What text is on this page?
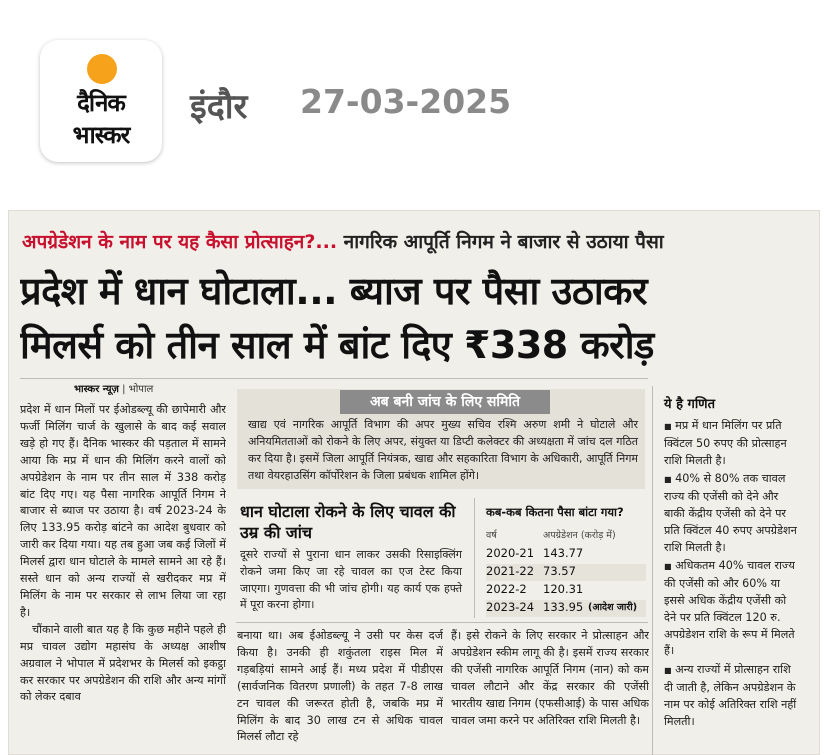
दैनिक
भास्कर
इंदौर 27-03-2025
अपग्रेडेशन के नाम पर यह कैसा प्रोत्साहन?... नागरिक आपूर्ति निगम ने बाजार से उठाया पैसा
प्रदेश में धान घोटाला... ब्याज पर पैसा उठाकर
मिलर्स को तीन साल में बांट दिए ₹338 करोड़
भास्कर न्यूज़ | भोपाल

प्रदेश में धान मिलों पर ईओडब्ल्यू की छापेमारी और फर्जी मिलिंग चार्ज के खुलासे के बाद कई सवाल खड़े हो गए हैं। दैनिक भास्कर की पड़ताल में सामने आया कि मप्र में धान की मिलिंग करने वालों को अपग्रेडेशन के नाम पर तीन साल में 338 करोड़ बांट दिए गए। यह पैसा नागरिक आपूर्ति निगम ने बाजार से ब्याज पर उठाया है। वर्ष 2023-24 के लिए 133.95 करोड़ बांटने का आदेश बुधवार को जारी कर दिया गया। यह तब हुआ जब कई जिलों में मिलर्स द्वारा धान घोटाले के मामले सामने आ रहे हैं। सस्ते धान को अन्य राज्यों से खरीदकर मप्र में मिलिंग के नाम पर सरकार से लाभ लिया जा रहा है।

चौंकाने वाली बात यह है कि कुछ महीने पहले ही मप्र चावल उद्योग महासंघ के अध्यक्ष आशीष अग्रवाल ने भोपाल में प्रदेशभर के मिलर्स को इकट्ठा कर सरकार पर अपग्रेडेशन की राशि और अन्य मांगों को लेकर दबाव

अब बनी जांच के लिए समिति
खाद्य एवं नागरिक आपूर्ति विभाग की अपर मुख्य सचिव रश्मि अरुण शमी ने घोटाले और अनियमितताओं को रोकने के लिए अपर, संयुक्त या डिप्टी कलेक्टर की अध्यक्षता में जांच दल गठित कर दिया है। इसमें जिला आपूर्ति नियंत्रक, खाद्य और सहकारिता विभाग के अधिकारी, आपूर्ति निगम तथा वेयरहाउसिंग कॉर्पोरेशन के जिला प्रबंधक शामिल होंगे।
धान घोटाला रोकने के लिए चावल की उम्र की जांच
दूसरे राज्यों से पुराना धान लाकर उसकी रिसाइक्लिंग रोकने जमा किए जा रहे चावल का एज टेस्ट किया जाएगा। गुणवत्ता की भी जांच होगी। यह कार्य एक हफ्ते में पूरा करना होगा।
कब-कब कितना पैसा बांटा गया?
वर्ष	अपग्रेडेशन (करोड़ में)
2020-21 143.77
2021-22 73.57
2022-2 120.31
2023-24 133.95 (आदेश जारी)

बनाया था। अब ईओडब्ल्यू ने उसी पर केस दर्ज किया है। उनकी ही शकुंतला राइस मिल में गड़बड़ियां सामने आई हैं। मध्य प्रदेश में पीडीएस (सार्वजनिक वितरण प्रणाली) के तहत 7-8 लाख टन चावल की जरूरत होती है, जबकि मप्र में मिलिंग के बाद 30 लाख टन से अधिक चावल मिलर्स लौटा रहे

हैं। इसे रोकने के लिए सरकार ने प्रोत्साहन और अपग्रेडेशन स्कीम लागू की है। इसमें राज्य सरकार की एजेंसी नागरिक आपूर्ति निगम (नान) को कम चावल लौटाने और केंद्र सरकार की एजेंसी भारतीय खाद्य निगम (एफसीआई) के पास अधिक चावल जमा करने पर अतिरिक्त राशि मिलती है।

ये है गणित
■ मप्र में धान मिलिंग पर प्रति क्विंटल 50 रुपए की प्रोत्साहन राशि मिलती है।
■ 40% से 80% तक चावल राज्य की एजेंसी को देने और बाकी केंद्रीय एजेंसी को देने पर प्रति क्विंटल 40 रुपए अपग्रेडेशन राशि मिलती है।
■ अधिकतम 40% चावल राज्य की एजेंसी को और 60% या इससे अधिक केंद्रीय एजेंसी को देने पर प्रति क्विंटल 120 रु. अपग्रेडेशन राशि के रूप में मिलते हैं।
■ अन्य राज्यों में प्रोत्साहन राशि दी जाती है, लेकिन अपग्रेडेशन के नाम पर कोई अतिरिक्त राशि नहीं मिलती।
